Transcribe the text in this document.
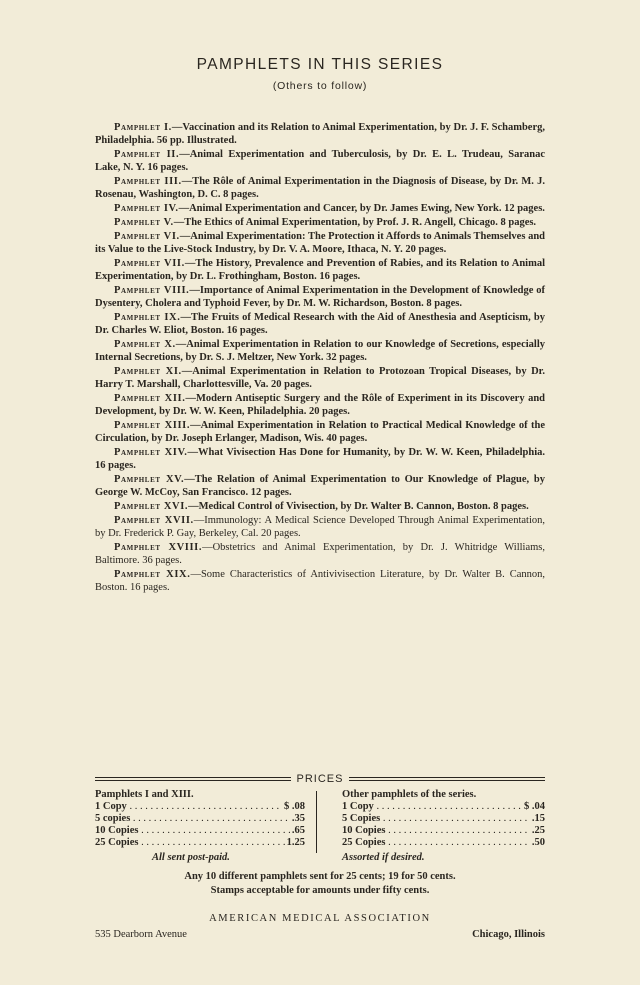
PAMPHLETS IN THIS SERIES
(Others to follow)

Pamphlet I.—Vaccination and its Relation to Animal Experimentation, by Dr. J. F. Schamberg, Philadelphia. 56 pp. Illustrated.

Pamphlet II.—Animal Experimentation and Tuberculosis, by Dr. E. L. Trudeau, Saranac Lake, N. Y. 16 pages.

Pamphlet III.—The Rôle of Animal Experimentation in the Diagnosis of Disease, by Dr. M. J. Rosenau, Washington, D. C. 8 pages.

Pamphlet IV.—Animal Experimentation and Cancer, by Dr. James Ewing, New York. 12 pages.

Pamphlet V.—The Ethics of Animal Experimentation, by Prof. J. R. Angell, Chicago. 8 pages.

Pamphlet VI.—Animal Experimentation: The Protection it Affords to Animals Themselves and its Value to the Live-Stock Industry, by Dr. V. A. Moore, Ithaca, N. Y. 20 pages.

Pamphlet VII.—The History, Prevalence and Prevention of Rabies, and its Relation to Animal Experimentation, by Dr. L. Frothingham, Boston. 16 pages.

Pamphlet VIII.—Importance of Animal Experimentation in the Development of Knowledge of Dysentery, Cholera and Typhoid Fever, by Dr. M. W. Richardson, Boston. 8 pages.

Pamphlet IX.—The Fruits of Medical Research with the Aid of Anesthesia and Asepticism, by Dr. Charles W. Eliot, Boston. 16 pages.

Pamphlet X.—Animal Experimentation in Relation to our Knowledge of Secretions, especially Internal Secretions, by Dr. S. J. Meltzer, New York. 32 pages.

Pamphlet XI.—Animal Experimentation in Relation to Protozoan Tropical Diseases, by Dr. Harry T. Marshall, Charlottesville, Va. 20 pages.

Pamphlet XII.—Modern Antiseptic Surgery and the Rôle of Experiment in its Discovery and Development, by Dr. W. W. Keen, Philadelphia. 20 pages.

Pamphlet XIII.—Animal Experimentation in Relation to Practical Medical Knowledge of the Circulation, by Dr. Joseph Erlanger, Madison, Wis. 40 pages.

Pamphlet XIV.—What Vivisection Has Done for Humanity, by Dr. W. W. Keen, Philadelphia. 16 pages.

Pamphlet XV.—The Relation of Animal Experimentation to Our Knowledge of Plague, by George W. McCoy, San Francisco. 12 pages.

Pamphlet XVI.—Medical Control of Vivisection, by Dr. Walter B. Cannon, Boston. 8 pages.

Pamphlet XVII.—Immunology: A Medical Science Developed Through Animal Experimentation, by Dr. Frederick P. Gay, Berkeley, Cal. 20 pages.

Pamphlet XVIII.—Obstetrics and Animal Experimentation, by Dr. J. Whitridge Williams, Baltimore. 36 pages.

Pamphlet XIX.—Some Characteristics of Antivivisection Literature, by Dr. Walter B. Cannon, Boston. 16 pages.

PRICES
Pamphlets I and XIII.
1 Copy . . .	$ .08
5 copies . . .	.35
10 Copies . . .	.65
25 Copies . . .	1.25
Other pamphlets of the series.
1 Copy . . .	$ .04
5 Copies . . .	.15
10 Copies . . .	.25
25 Copies . . .	.50
All sent post-paid.	Assorted if desired.
Any 10 different pamphlets sent for 25 cents; 19 for 50 cents.
Stamps acceptable for amounts under fifty cents.
AMERICAN MEDICAL ASSOCIATION
535 Dearborn Avenue	Chicago, Illinois
